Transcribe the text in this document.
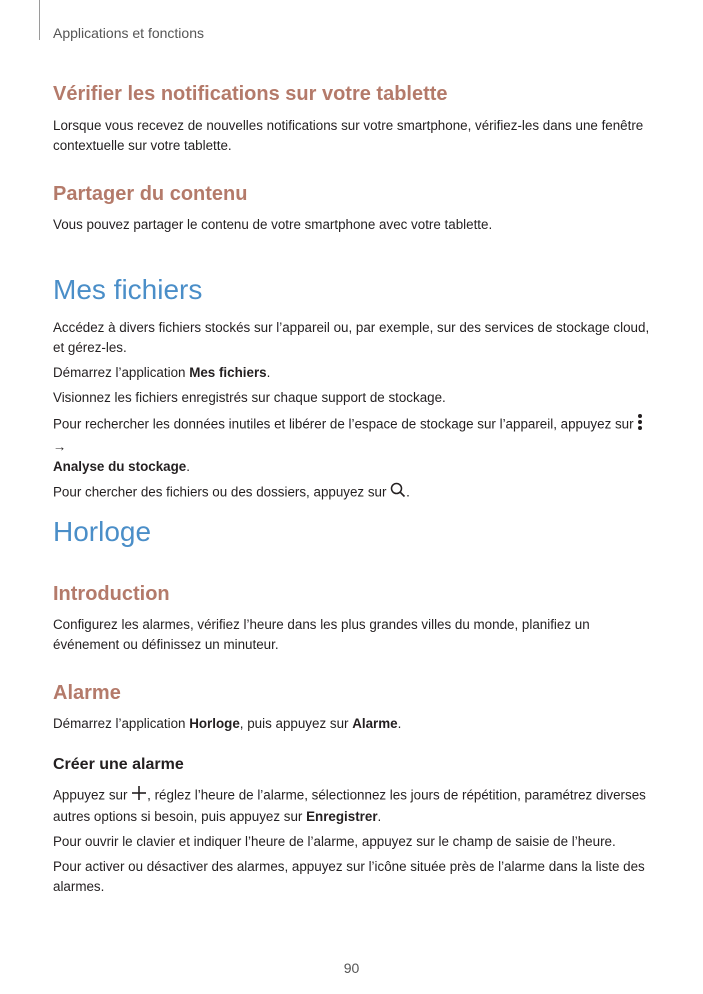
Applications et fonctions
Vérifier les notifications sur votre tablette

Lorsque vous recevez de nouvelles notifications sur votre smartphone, vérifiez-les dans une fenêtre contextuelle sur votre tablette.

Partager du contenu

Vous pouvez partager le contenu de votre smartphone avec votre tablette.

Mes fichiers

Accédez à divers fichiers stockés sur l’appareil ou, par exemple, sur des services de stockage cloud, et gérez-les.

Démarrez l’application Mes fichiers.

Visionnez les fichiers enregistrés sur chaque support de stockage.

Pour rechercher les données inutiles et libérer de l’espace de stockage sur l’appareil, appuyez sur  →
Analyse du stockage.

Pour chercher des fichiers ou des dossiers, appuyez sur .

Horloge
Introduction

Configurez les alarmes, vérifiez l’heure dans les plus grandes villes du monde, planifiez un événement ou définissez un minuteur.

Alarme

Démarrez l’application Horloge, puis appuyez sur Alarme.

Créer une alarme

Appuyez sur , réglez l’heure de l’alarme, sélectionnez les jours de répétition, paramétrez diverses autres options si besoin, puis appuyez sur Enregistrer.

Pour ouvrir le clavier et indiquer l’heure de l’alarme, appuyez sur le champ de saisie de l’heure.

Pour activer ou désactiver des alarmes, appuyez sur l’icône située près de l’alarme dans la liste des alarmes.

90
